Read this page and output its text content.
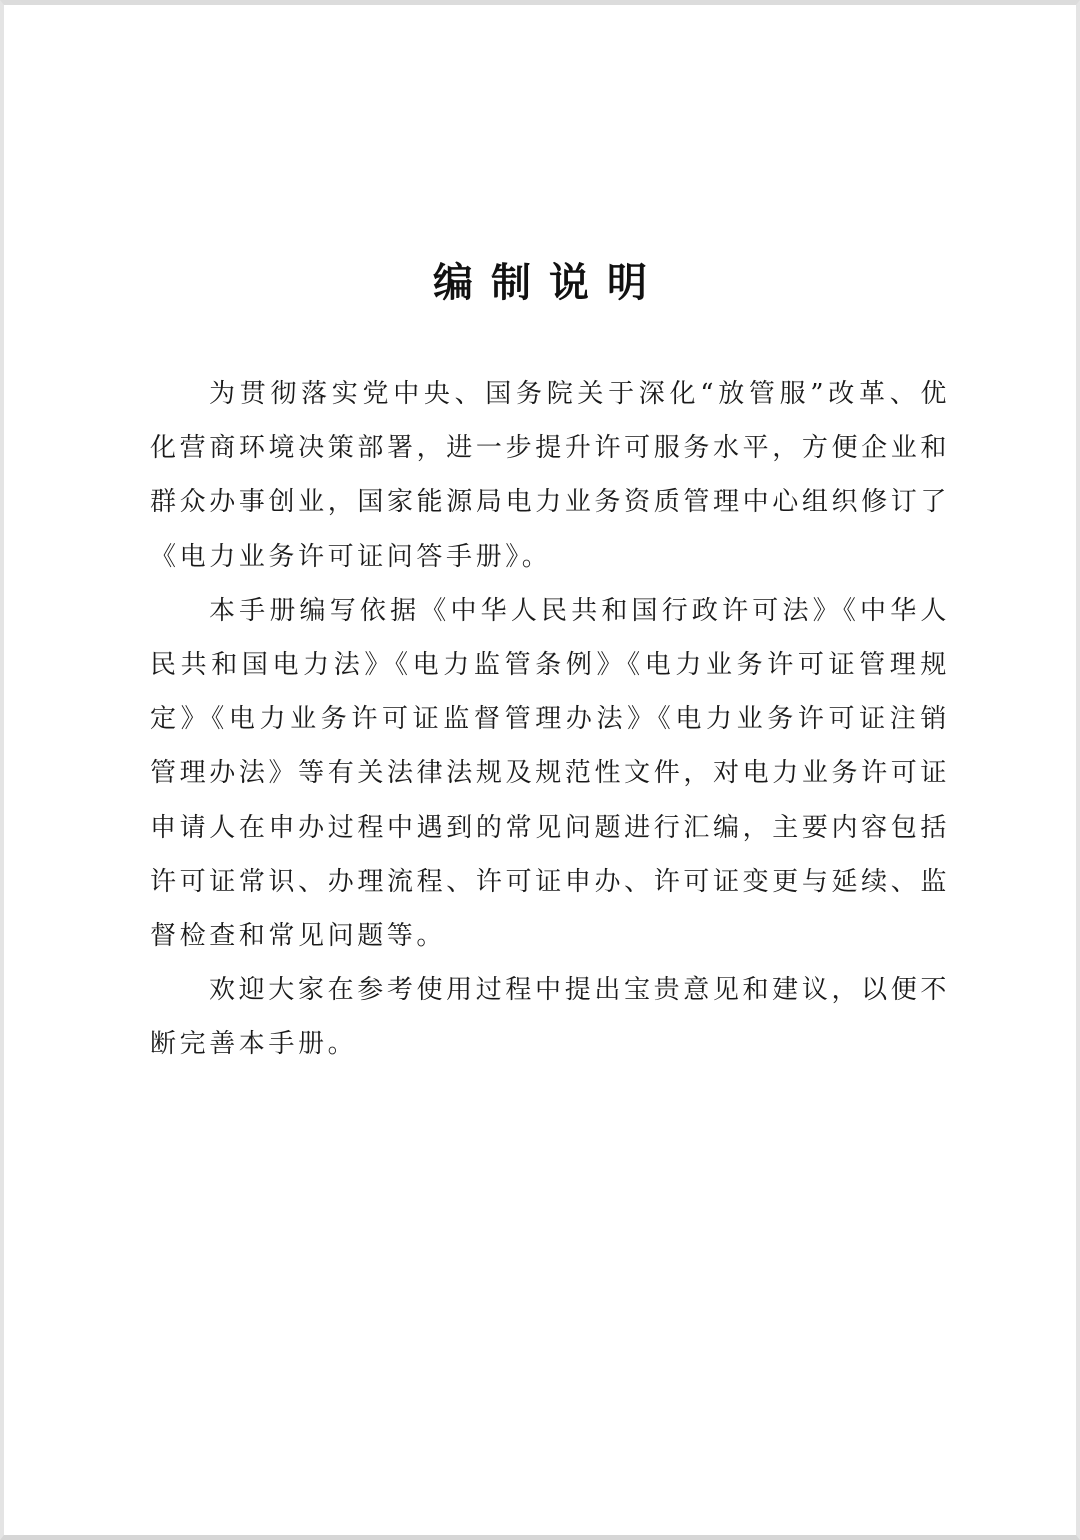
编制说明

为贯彻落实党中央、国务院关于深化“放管服”改革、优化营商环境决策部署，进一步提升许可服务水平，方便企业和群众办事创业，国家能源局电力业务资质管理中心组织修订了《电力业务许可证问答手册》。

本手册编写依据《中华人民共和国行政许可法》《中华人民共和国电力法》《电力监管条例》《电力业务许可证管理规定》《电力业务许可证监督管理办法》《电力业务许可证注销管理办法》等有关法律法规及规范性文件，对电力业务许可证申请人在申办过程中遇到的常见问题进行汇编，主要内容包括许可证常识、办理流程、许可证申办、许可证变更与延续、监督检查和常见问题等。

欢迎大家在参考使用过程中提出宝贵意见和建议，以便不断完善本手册。
